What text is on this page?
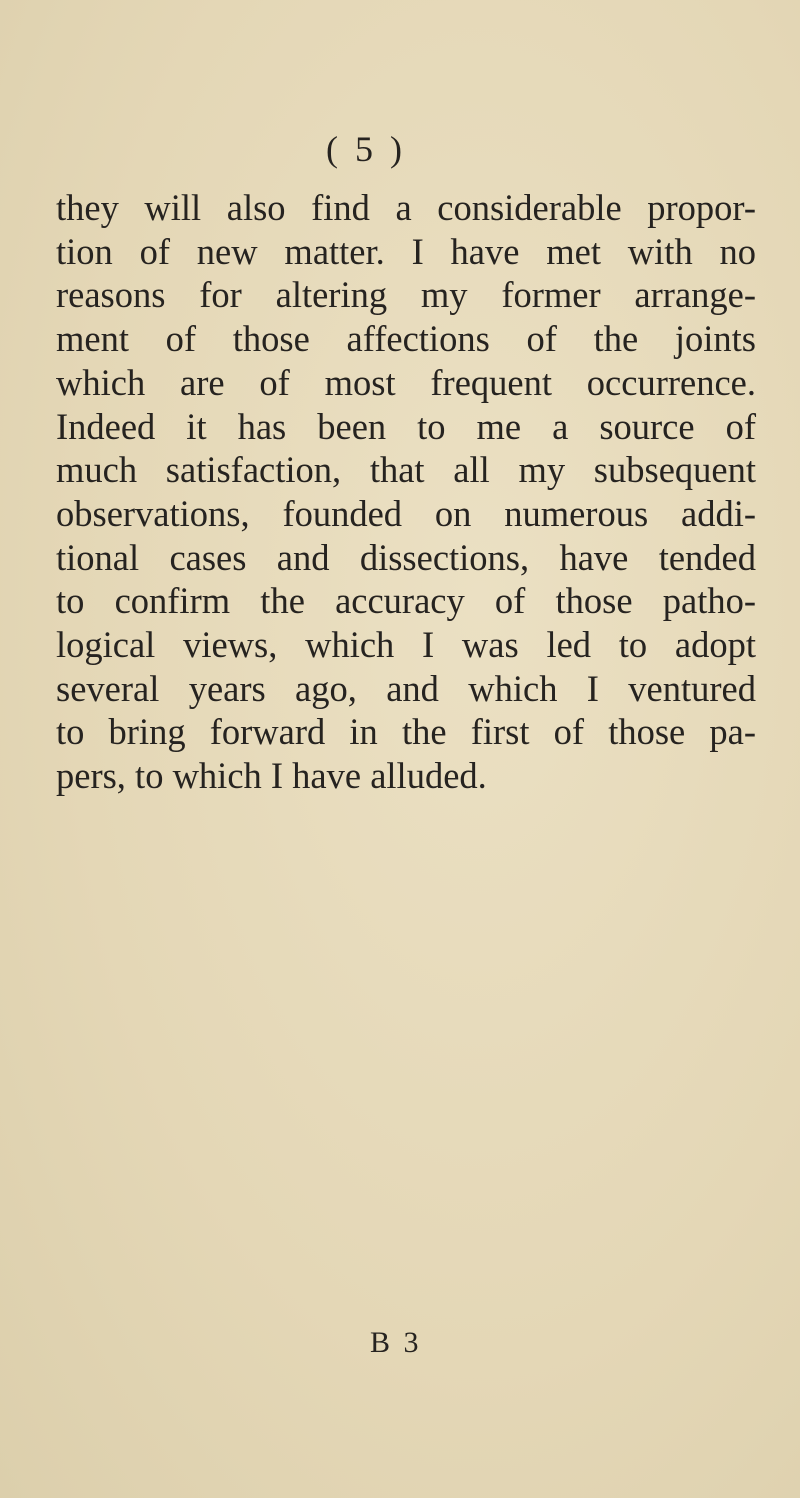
( 5 )
they will also find a considerable propor-
tion of new matter. I have met with no
reasons for altering my former arrange-
ment of those affections of the joints
which are of most frequent occurrence.
Indeed it has been to me a source of
much satisfaction, that all my subsequent
observations, founded on numerous addi-
tional cases and dissections, have tended
to confirm the accuracy of those patho-
logical views, which I was led to adopt
several years ago, and which I ventured
to bring forward in the first of those pa-
pers, to which I have alluded.
B 3
